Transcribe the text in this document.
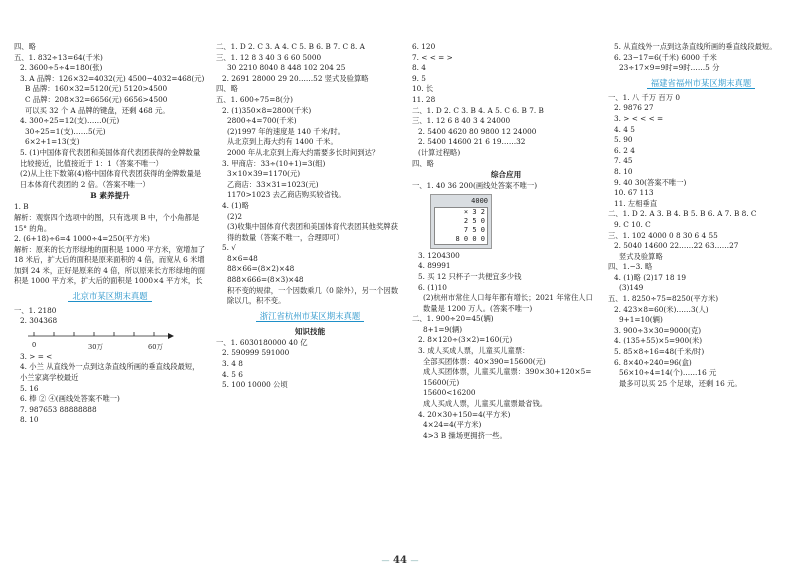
四、略
五、1. 832÷13=64(千米)
2. 3600÷5÷4=180(张)
3. A 品牌：126×32=4032(元) 4500−4032=468(元)
B 品牌：160×32=5120(元) 5120>4500
C 品牌：208×32=6656(元) 6656>4500
可以买 32 个 A 品牌的键盘，还剩 468 元。
4. 300÷25=12(支)……0(元)
30÷25=1(支)……5(元)
6×2+1=13(支)
5. (1)中国体育代表团和美国体育代表团获得的金牌数量比较接近，比值接近于 1：1（答案不唯一）
(2)从上往下数第(4)格中国体育代表团获得的金牌数量是日本体育代表团的 2 倍。（答案不唯一）
B 素养提升
1. B
解析：观察四个选项中的图，只有选项 B 中，个小角都是 15° 的角。
2. (6+18)÷6=4 1000÷4=250(平方米)
解析：原来的长方形绿地的面积是 1000 平方米，宽增加了 18 米后，扩大后的面积是原来面积的 4 倍，而宽从 6 米增加到 24 米，正好是原来的 4 倍，所以原来长方形绿地的面积是 1000 平方米，扩大后的面积是 1000×4 平方米，长
北京市某区期末真题
一、1. 2180
2. 304368
0	30万	60万
3. > = <
4. 小兰 从直线外一点到这条直线所画的垂直线段最短，小兰家离学校最近
5. 16
6. 棒 ② ④(画线处答案不唯一)
7. 987653 88888888
8. 10
二、1. D 2. C 3. A 4. C 5. B 6. B 7. C 8. A
三、1. 12 8 3 40 3 6 60 5000
30 2210 8040 8 448 102 204 25
2. 2691 28000 29 20……52 竖式及验算略
四、略
五、1. 600÷75=8(分)
2. (1)350×8=2800(千米)
2800÷4=700(千米)
(2)1997 年的速度是 140 千米/时。
从北京到上海大约有 1400 千米。
2000 年从北京到上海大约需要多长时间到达？
3. 甲商店：33÷(10+1)=3(组)
3×10×39=1170(元)
乙商店：33×31=1023(元)
1170>1023 去乙商店购买较省钱。
4. (1)略
(2)2
(3)收集中国体育代表团和美国体育代表团其他奖牌获得的数量（答案不唯一，合理即可）
5. √
8×6=48
88×66=(8×2)×48
888×666=(8×3)×48
积不变的规律，一个因数乘几（0 除外），另一个因数除以几，积不变。
浙江省杭州市某区期末真题
知识技能
一、1. 6030180000 40 亿
2. 590999 591000
3. 4 8
4. 5 6
5. 100 10000 公顷
6. 120
7. < < = >
8. 4
9. 5
10. 长
11. 28
二、1. D 2. C 3. B 4. A 5. C 6. B 7. B
三、1. 12 6 8 40 3 4 24000
2. 5400 4620 80 9800 12 24000
2. 5400 14600 21 6 19……32
(计算过程略)
四、略
综合应用
一、1. 40 36 200(画线处答案不唯一)
4000
× 3 2
2 5 0
7 5 0
8 0 0 0
3. 1204300
4. 89991
5. 买 12 只杯子一共便宜多少钱
6. (1)10
(2)杭州市常住人口每年都有增长；2021 年常住人口数量是 1200 万人。(答案不唯一)
二、1. 900÷20=45(辆)
8+1=9(辆)
2. 8×120÷(3×2)=160(元)
3. 成人买成人票，儿童买儿童票：
全部买团体票：40×390=15600(元)
成人买团体票，儿童买儿童票：390×30+120×5=
15600(元)
15600<16200
成人买成人票，儿童买儿童票最省钱。
4. 20×30+150=4(平方米)
4×24=4(平方米)
4>3 B 操场更拥挤一些。
5. 从直线外一点到这条直线所画的垂直线段最短。
6. 23−17=6(千米) 6000 千米
23÷17×9=9时=9时……5 分
福建省福州市某区期末真题
一、1. 八 千万 百万 0
2. 9876 27
3. > < < < =
4. 4 5
5. 90
6. 2 4
7. 45
8. 10
9. 40 30(答案不唯一)
10. 67 113
11. 左相垂直
二、1. D 2. A 3. B 4. B 5. B 6. A 7. B 8. C
9. C 10. C
三、1. 102 4000 0 8 30 6 4 55
2. 5040 14600 22……22 63……27
竖式及验算略
四、1.−3. 略
4. (1)略 (2)17 18 19
(3)149
五、1. 8250÷75=8250(平方米)
2. 423×8=60(米)……3(人)
9+1=10(辆)
3. 900÷3×30=9000(克)
4. (135+55)×5=900(米)
5. 85×8÷16=48(千米/时)
6. 8×40÷240=96(盒)
56×10÷4=14(个)……16 元
最多可以买 25 个足球，还剩 16 元。
— 44 —
